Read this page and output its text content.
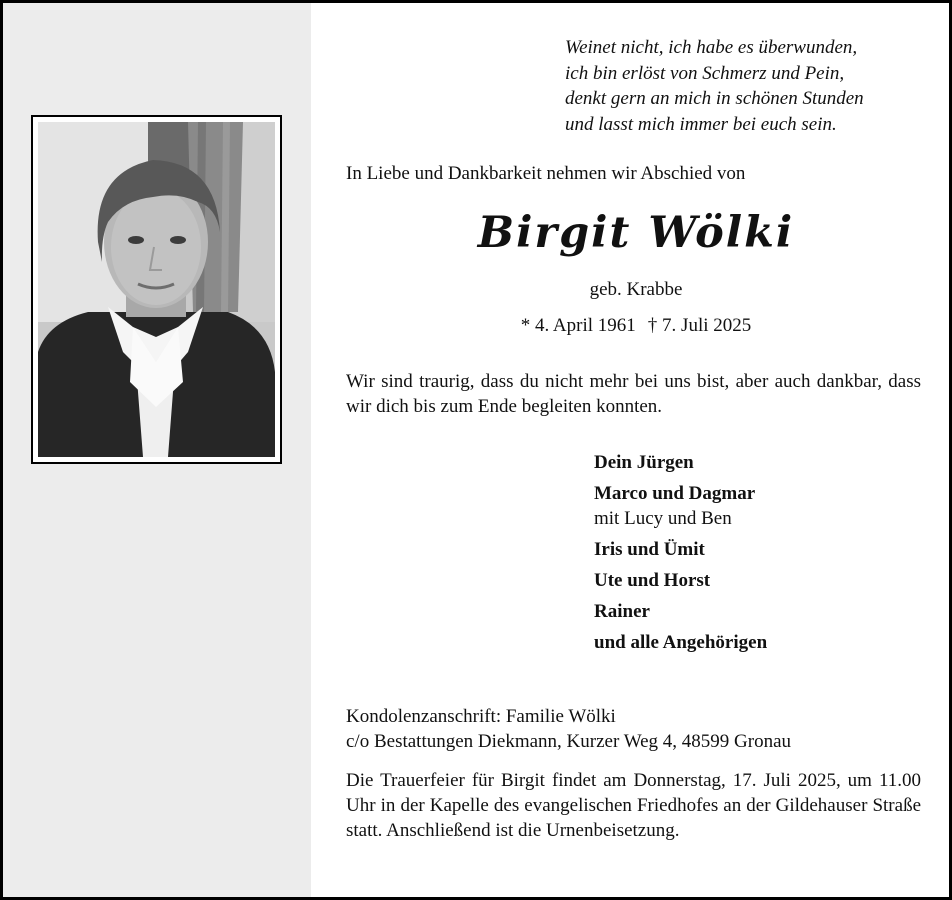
Weinet nicht, ich habe es überwunden,
ich bin erlöst von Schmerz und Pein,
denkt gern an mich in schönen Stunden
und lasst mich immer bei euch sein.
In Liebe und Dankbarkeit nehmen wir Abschied von
Birgit Wölki
geb. Krabbe
* 4. April 1961 † 7. Juli 2025
Wir sind traurig, dass du nicht mehr bei uns bist, aber auch dankbar, dass wir dich bis zum Ende begleiten konnten.
Dein Jürgen
Marco und Dagmar
mit Lucy und Ben
Iris und Ümit
Ute und Horst
Rainer
und alle Angehörigen
Kondolenzanschrift: Familie Wölki
c/o Bestattungen Diekmann, Kurzer Weg 4, 48599 Gronau
Die Trauerfeier für Birgit findet am Donnerstag, 17. Juli 2025, um 11.00 Uhr in der Kapelle des evangelischen Friedhofes an der Gildehauser Straße statt. Anschließend ist die Urnenbeisetzung.
